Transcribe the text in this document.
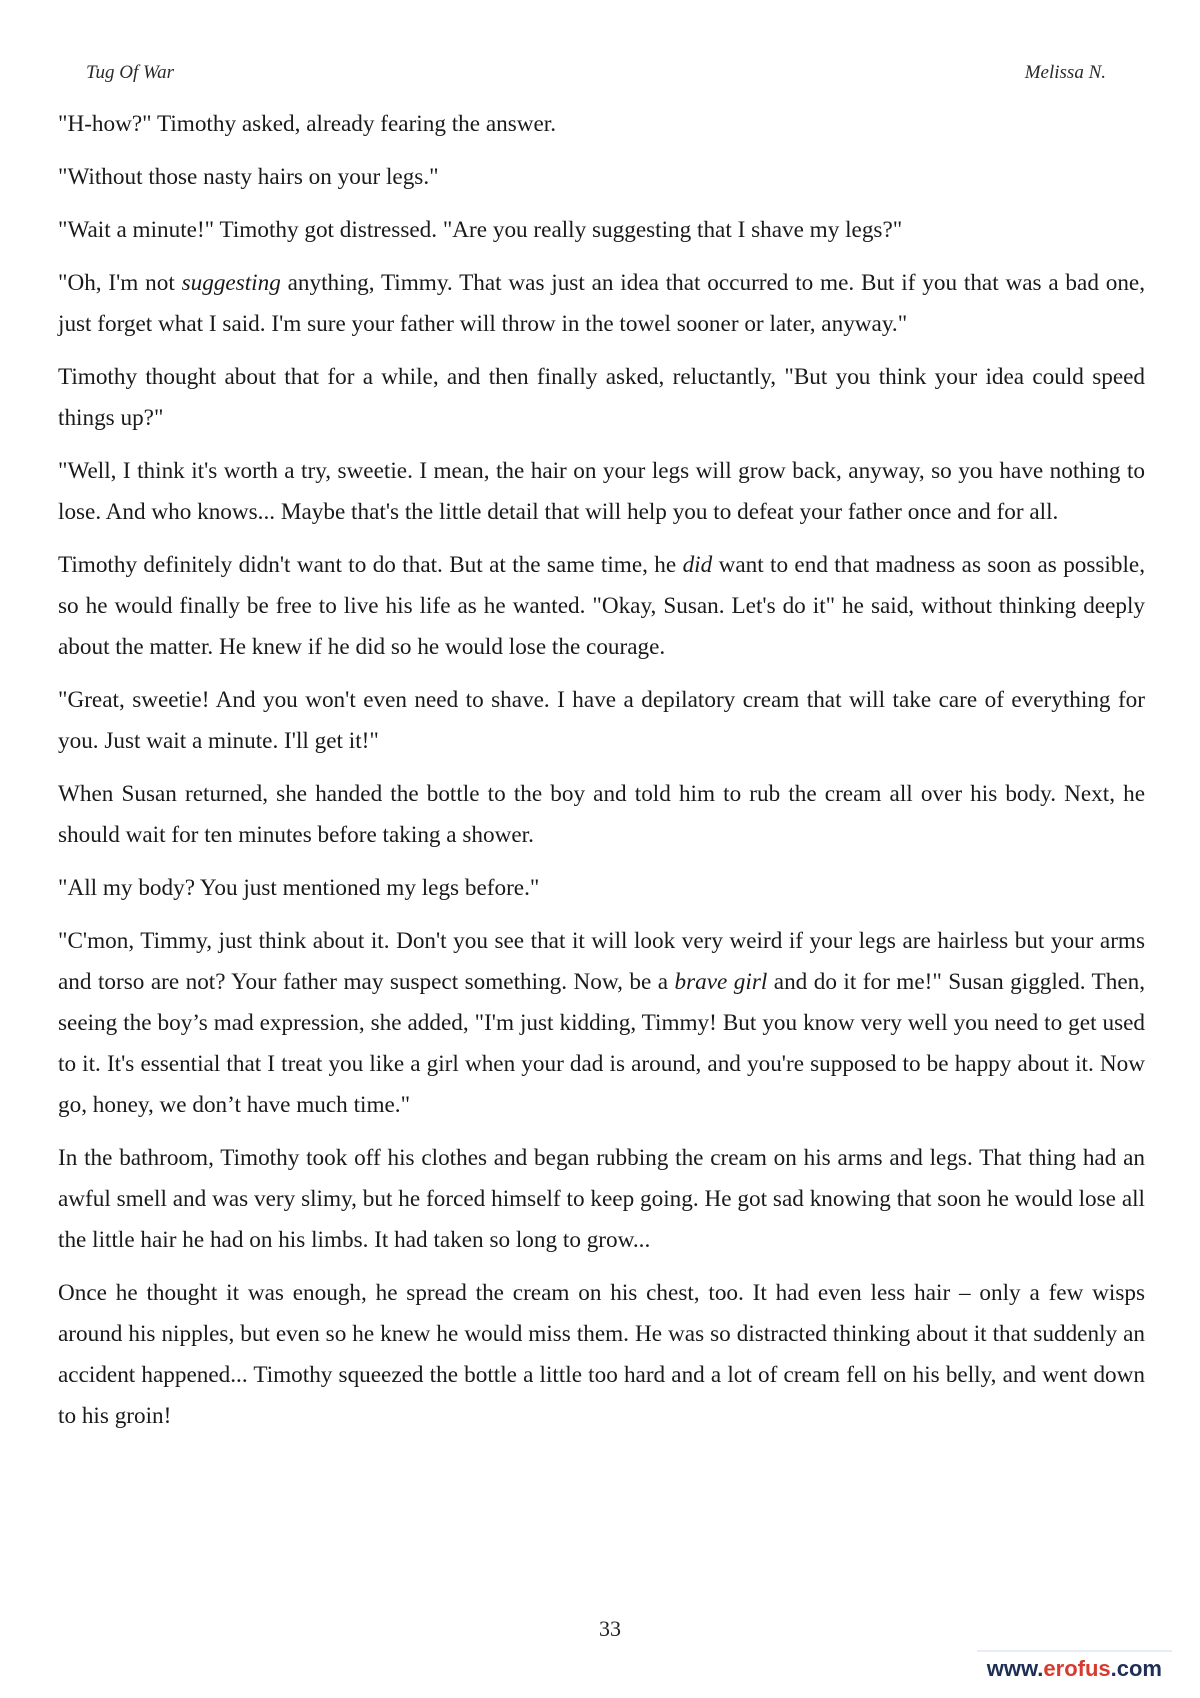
Tug Of War	Melissa N.

"H-how?" Timothy asked, already fearing the answer.

"Without those nasty hairs on your legs."

"Wait a minute!" Timothy got distressed. "Are you really suggesting that I shave my legs?"

"Oh, I'm not suggesting anything, Timmy. That was just an idea that occurred to me. But if you that was a bad one, just forget what I said. I'm sure your father will throw in the towel sooner or later, anyway."

Timothy thought about that for a while, and then finally asked, reluctantly, "But you think your idea could speed things up?"

"Well, I think it's worth a try, sweetie. I mean, the hair on your legs will grow back, anyway, so you have nothing to lose. And who knows... Maybe that's the little detail that will help you to defeat your father once and for all.

Timothy definitely didn't want to do that. But at the same time, he did want to end that madness as soon as possible, so he would finally be free to live his life as he wanted. "Okay, Susan. Let's do it" he said, without thinking deeply about the matter. He knew if he did so he would lose the courage.

"Great, sweetie! And you won't even need to shave. I have a depilatory cream that will take care of everything for you. Just wait a minute. I'll get it!"

When Susan returned, she handed the bottle to the boy and told him to rub the cream all over his body. Next, he should wait for ten minutes before taking a shower.

"All my body? You just mentioned my legs before."

"C'mon, Timmy, just think about it. Don't you see that it will look very weird if your legs are hairless but your arms and torso are not? Your father may suspect something. Now, be a brave girl and do it for me!" Susan giggled. Then, seeing the boy’s mad expression, she added, "I'm just kidding, Timmy! But you know very well you need to get used to it. It's essential that I treat you like a girl when your dad is around, and you're supposed to be happy about it. Now go, honey, we don’t have much time."

In the bathroom, Timothy took off his clothes and began rubbing the cream on his arms and legs. That thing had an awful smell and was very slimy, but he forced himself to keep going. He got sad knowing that soon he would lose all the little hair he had on his limbs. It had taken so long to grow...

Once he thought it was enough, he spread the cream on his chest, too. It had even less hair – only a few wisps around his nipples, but even so he knew he would miss them. He was so distracted thinking about it that suddenly an accident happened... Timothy squeezed the bottle a little too hard and a lot of cream fell on his belly, and went down to his groin!

33
www.erofus.com
